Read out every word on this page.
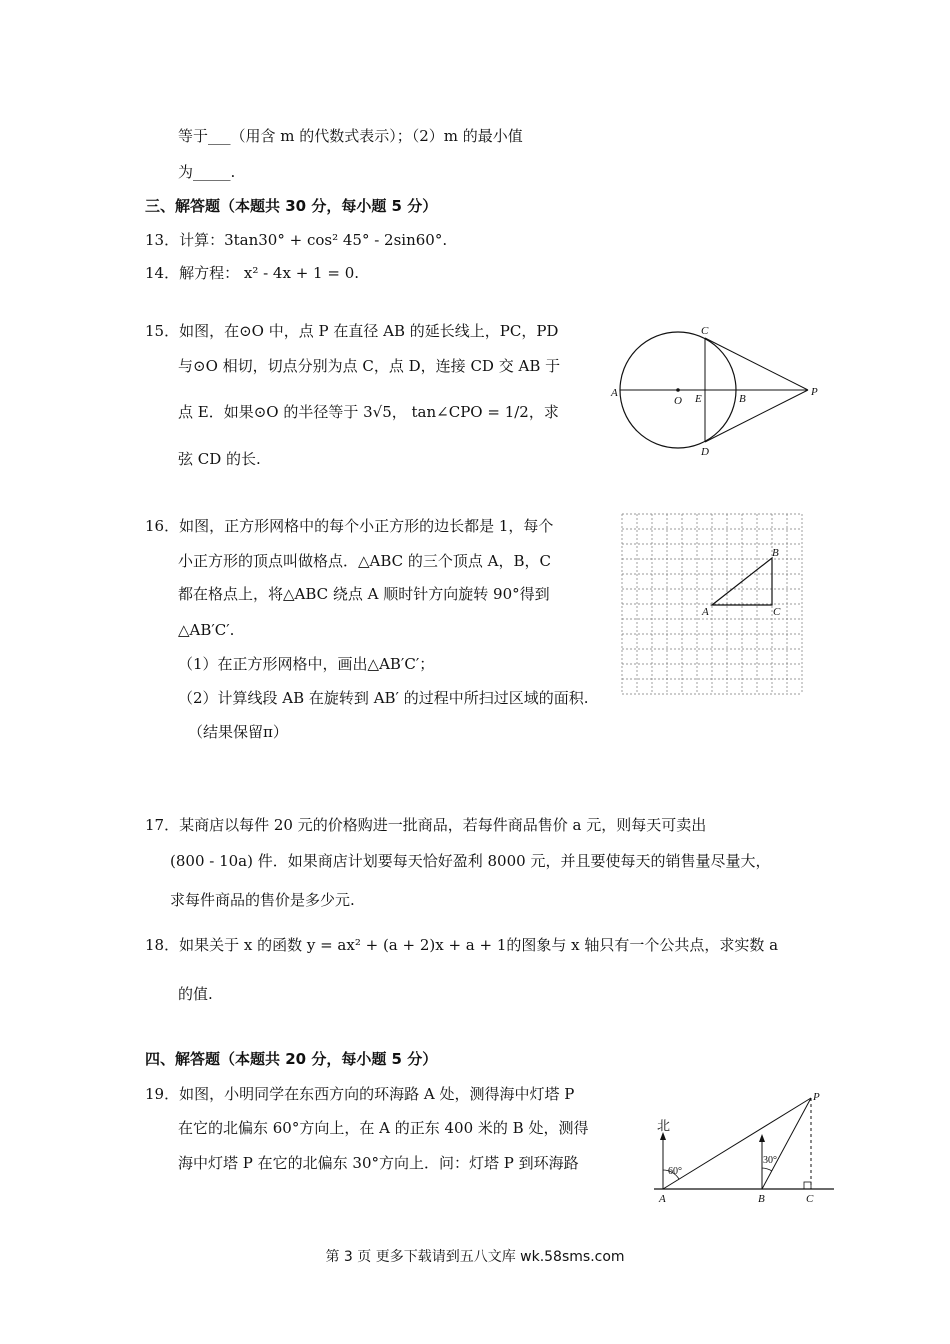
等于___（用含 m 的代数式表示）；（2）m 的最小值
为_____.
三、解答题（本题共 30 分，每小题 5 分）
13．计算：3tan30° + cos² 45° - 2sin60°.
14．解方程： x² - 4x + 1 = 0.
15．如图，在⊙O 中，点 P 在直径 AB 的延长线上，PC，PD
与⊙O 相切，切点分别为点 C，点 D，连接 CD 交 AB 于
点 E．如果⊙O 的半径等于 3√5， tan∠CPO = 1/2，求
弦 CD 的长.
16．如图，正方形网格中的每个小正方形的边长都是 1，每个
小正方形的顶点叫做格点．△ABC 的三个顶点 A，B，C
都在格点上，将△ABC 绕点 A 顺时针方向旋转 90°得到
△AB′C′.
（1）在正方形网格中，画出△AB′C′；
（2）计算线段 AB 在旋转到 AB′ 的过程中所扫过区域的面积.
（结果保留π）
17．某商店以每件 20 元的价格购进一批商品，若每件商品售价 a 元，则每天可卖出
(800 - 10a) 件．如果商店计划要每天恰好盈利 8000 元，并且要使每天的销售量尽量大，
求每件商品的售价是多少元.
18．如果关于 x 的函数 y = ax² + (a + 2)x + a + 1的图象与 x 轴只有一个公共点，求实数 a
的值.
四、解答题（本题共 20 分，每小题 5 分）
19．如图，小明同学在东西方向的环海路 A 处，测得海中灯塔 P
在它的北偏东 60°方向上，在 A 的正东 400 米的 B 处，测得
海中灯塔 P 在它的北偏东 30°方向上．问：灯塔 P 到环海路
A
O E	B
P
C
D
A
B
C
北
60°
30°
A	B	C
P
第 3 页 更多下载请到五八文库 wk.58sms.com
